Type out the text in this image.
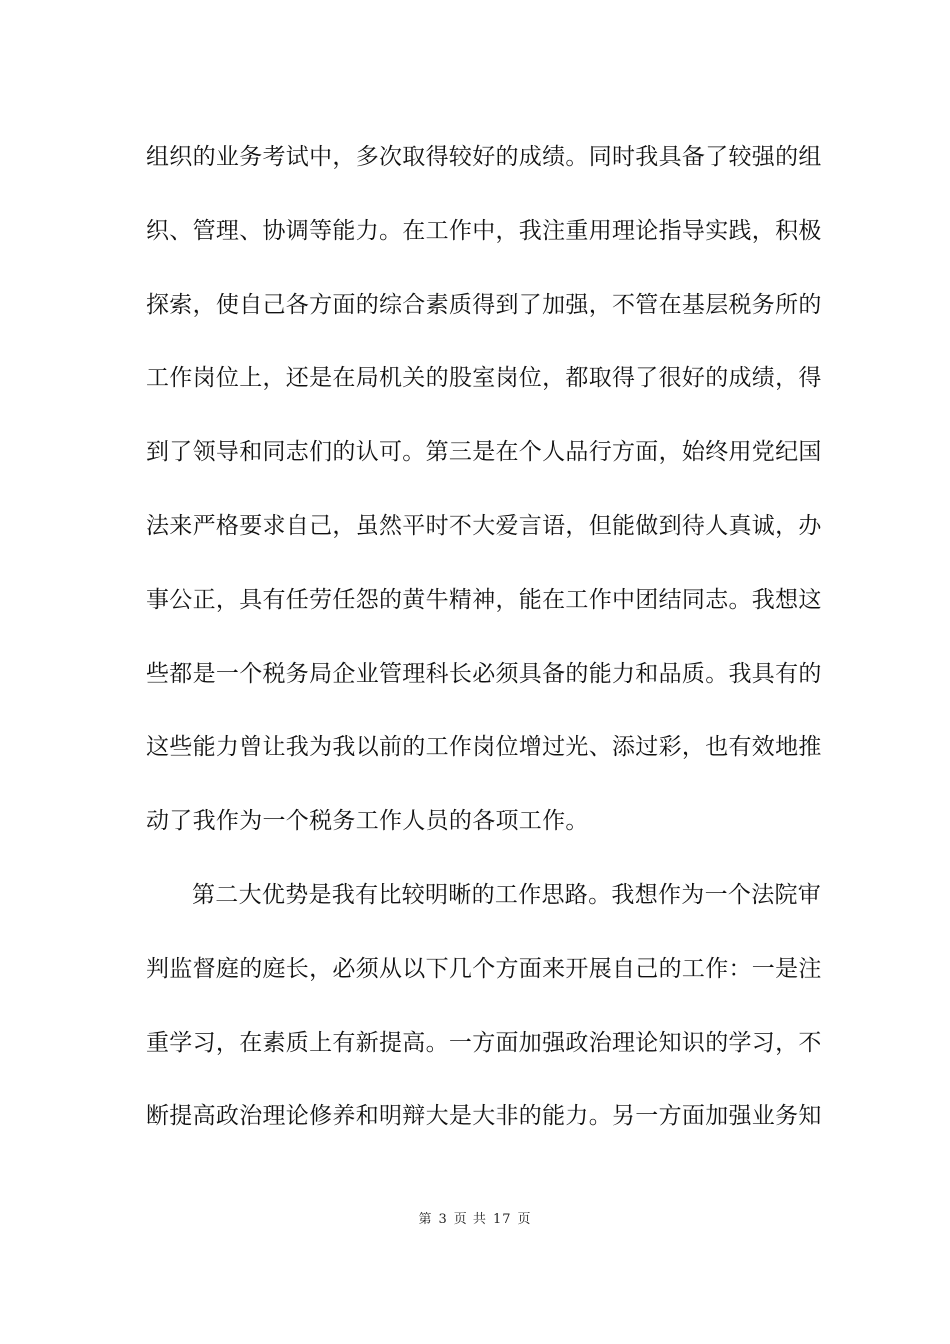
组织的业务考试中，多次取得较好的成绩。同时我具备了较强的组
织、管理、协调等能力。在工作中，我注重用理论指导实践，积极
探索，使自己各方面的综合素质得到了加强，不管在基层税务所的
工作岗位上，还是在局机关的股室岗位，都取得了很好的成绩，得
到了领导和同志们的认可。第三是在个人品行方面，始终用党纪国
法来严格要求自己，虽然平时不大爱言语，但能做到待人真诚，办
事公正，具有任劳任怨的黄牛精神，能在工作中团结同志。我想这
些都是一个税务局企业管理科长必须具备的能力和品质。我具有的
这些能力曾让我为我以前的工作岗位增过光、添过彩，也有效地推
动了我作为一个税务工作人员的各项工作。
第二大优势是我有比较明晰的工作思路。我想作为一个法院审
判监督庭的庭长，必须从以下几个方面来开展自己的工作：一是注
重学习，在素质上有新提高。一方面加强政治理论知识的学习，不
断提高政治理论修养和明辩大是大非的能力。另一方面加强业务知
第 3 页 共 17 页
